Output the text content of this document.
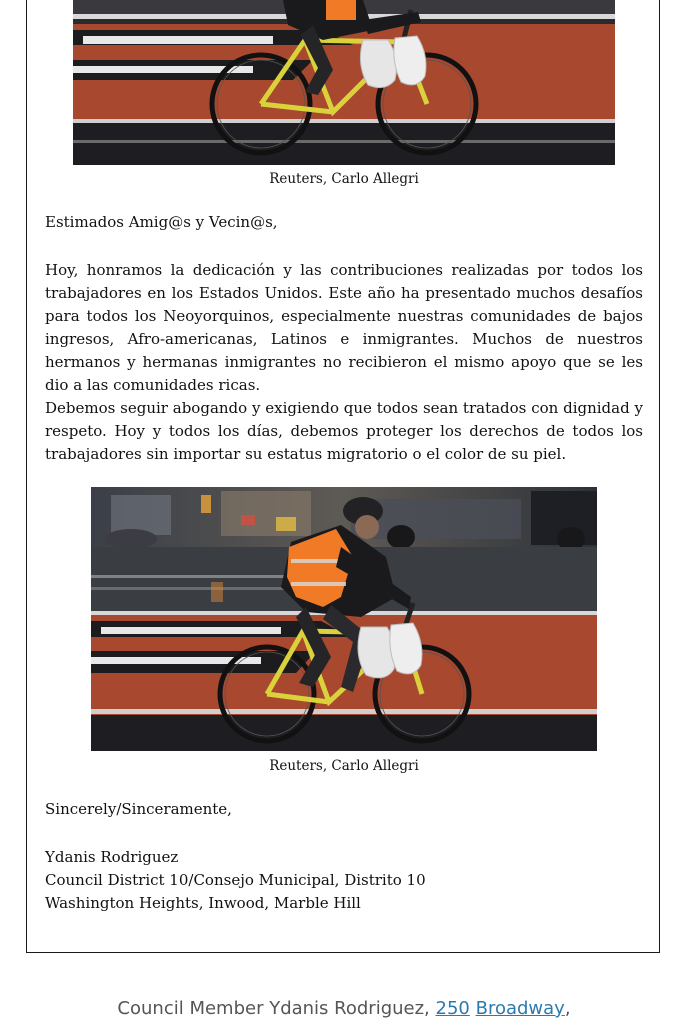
Reuters, Carlo Allegri
Estimados Amig@s y Vecin@s,

Hoy, honramos la dedicación y las contribuciones realizadas por todos los trabajadores en los Estados Unidos. Este año ha presentado muchos desafíos para todos los Neoyorquinos, especialmente nuestras comunidades de bajos ingresos, Afro-americanas, Latinos e inmigrantes. Muchos de nuestros hermanos y hermanas inmigrantes no recibieron el mismo apoyo que se les dio a las comunidades ricas.

Debemos seguir abogando y exigiendo que todos sean tratados con dignidad y respeto. Hoy y todos los días, debemos proteger los derechos de todos los trabajadores sin importar su estatus migratorio o el color de su piel.

Reuters, Carlo Allegri
Sincerely/Sinceramente,
Ydanis Rodriguez
Council District 10/Consejo Municipal, Distrito 10
Washington Heights, Inwood, Marble Hill
Council Member Ydanis Rodriguez, 250 Broadway,
